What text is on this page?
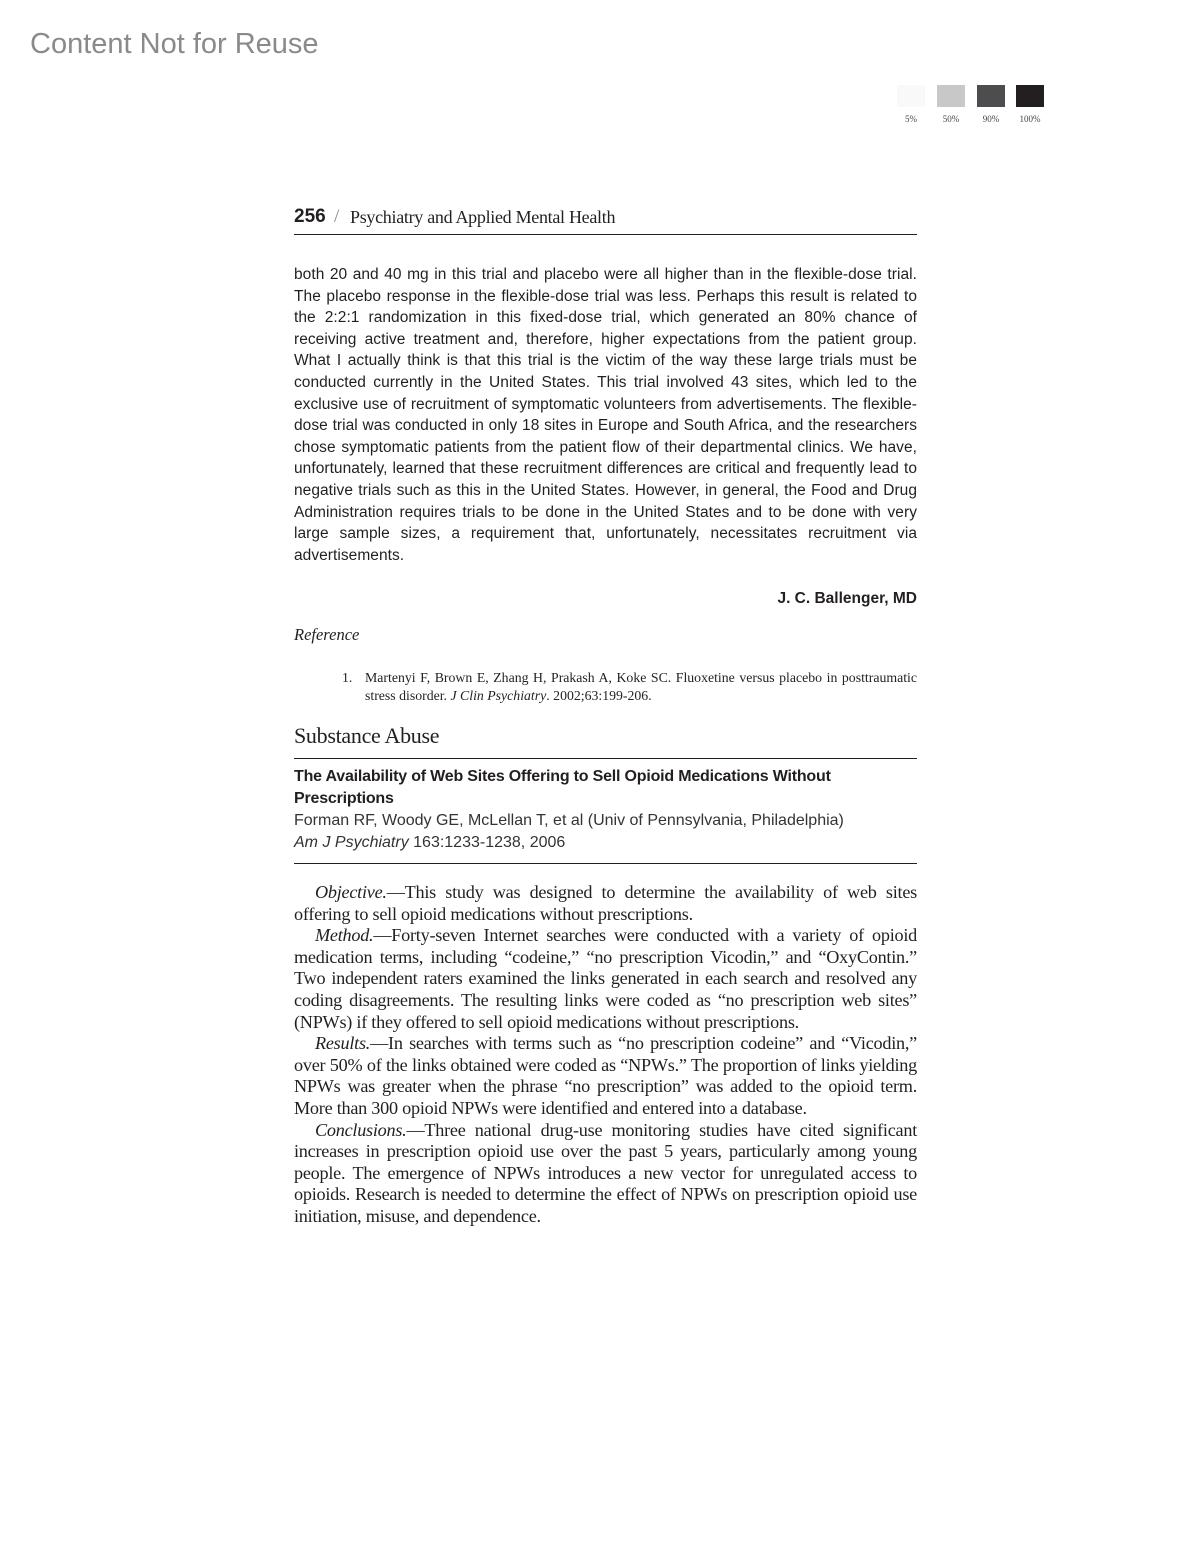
Content Not for Reuse
5%	50%	90%	100%
256 / Psychiatry and Applied Mental Health

both 20 and 40 mg in this trial and placebo were all higher than in the flexible-dose trial. The placebo response in the flexible-dose trial was less. Perhaps this result is related to the 2:2:1 randomization in this fixed-dose trial, which generated an 80% chance of receiving active treatment and, therefore, higher expectations from the patient group. What I actually think is that this trial is the victim of the way these large trials must be conducted currently in the United States. This trial involved 43 sites, which led to the exclusive use of recruitment of symptomatic volunteers from advertisements. The flexible-dose trial was conducted in only 18 sites in Europe and South Africa, and the researchers chose symptomatic patients from the patient flow of their departmental clinics. We have, unfortunately, learned that these recruitment differences are critical and frequently lead to negative trials such as this in the United States. However, in general, the Food and Drug Administration requires trials to be done in the United States and to be done with very large sample sizes, a requirement that, unfortunately, necessitates recruitment via advertisements.

J. C. Ballenger, MD
Reference
1. Martenyi F, Brown E, Zhang H, Prakash A, Koke SC. Fluoxetine versus placebo in posttraumatic stress disorder. J Clin Psychiatry. 2002;63:199-206.
Substance Abuse

The Availability of Web Sites Offering to Sell Opioid Medications Without Prescriptions

Forman RF, Woody GE, McLellan T, et al (Univ of Pennsylvania, Philadelphia)

Am J Psychiatry 163:1233-1238, 2006

Objective.—This study was designed to determine the availability of web sites offering to sell opioid medications without prescriptions.

Method.—Forty-seven Internet searches were conducted with a variety of opioid medication terms, including “codeine,” “no prescription Vicodin,” and “OxyContin.” Two independent raters examined the links generated in each search and resolved any coding disagreements. The resulting links were coded as “no prescription web sites” (NPWs) if they offered to sell opioid medications without prescriptions.

Results.—In searches with terms such as “no prescription codeine” and “Vicodin,” over 50% of the links obtained were coded as “NPWs.” The proportion of links yielding NPWs was greater when the phrase “no prescription” was added to the opioid term. More than 300 opioid NPWs were identified and entered into a database.

Conclusions.—Three national drug-use monitoring studies have cited significant increases in prescription opioid use over the past 5 years, particularly among young people. The emergence of NPWs introduces a new vector for unregulated access to opioids. Research is needed to determine the effect of NPWs on prescription opioid use initiation, misuse, and dependence.
